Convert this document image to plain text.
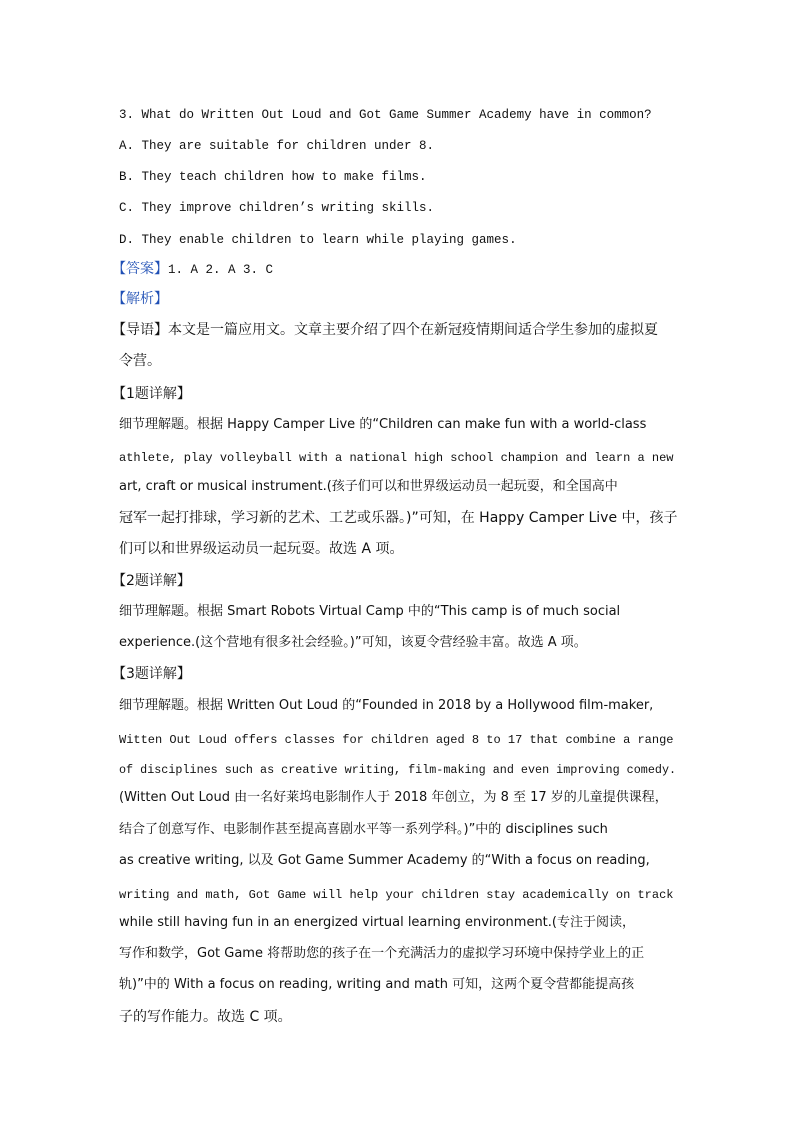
3. What do Written Out Loud and Got Game Summer Academy have in common?
A. They are suitable for children under 8.
B. They teach children how to make films.
C. They improve children’s writing skills.
D. They enable children to learn while playing games.
【答案】1. A 2. A 3. C
【解析】
【导语】本文是一篇应用文。文章主要介绍了四个在新冠疫情期间适合学生参加的虚拟夏
令营。
【1题详解】
细节理解题。根据 Happy Camper Live 的“Children can make fun with a world-class
athlete, play volleyball with a national high school champion and learn a new
art, craft or musical instrument.(孩子们可以和世界级运动员一起玩耍，和全国高中
冠军一起打排球，学习新的艺术、工艺或乐器。)”可知，在 Happy Camper Live 中，孩子
们可以和世界级运动员一起玩耍。故选 A 项。
【2题详解】
细节理解题。根据 Smart Robots Virtual Camp 中的“This camp is of much social
experience.(这个营地有很多社会经验。)”可知，该夏令营经验丰富。故选 A 项。
【3题详解】
细节理解题。根据 Written Out Loud 的“Founded in 2018 by a Hollywood film-maker,
Witten Out Loud offers classes for children aged 8 to 17 that combine a range
of disciplines such as creative writing, film-making and even improving comedy.
(Witten Out Loud 由一名好莱坞电影制作人于 2018 年创立，为 8 至 17 岁的儿童提供课程，
结合了创意写作、电影制作甚至提高喜剧水平等一系列学科。)”中的 disciplines such
as creative writing, 以及 Got Game Summer Academy 的“With a focus on reading,
writing and math, Got Game will help your children stay academically on track
while still having fun in an energized virtual learning environment.(专注于阅读，
写作和数学，Got Game 将帮助您的孩子在一个充满活力的虚拟学习环境中保持学业上的正
轨)”中的 With a focus on reading, writing and math 可知，这两个夏令营都能提高孩
子的写作能力。故选 C 项。
